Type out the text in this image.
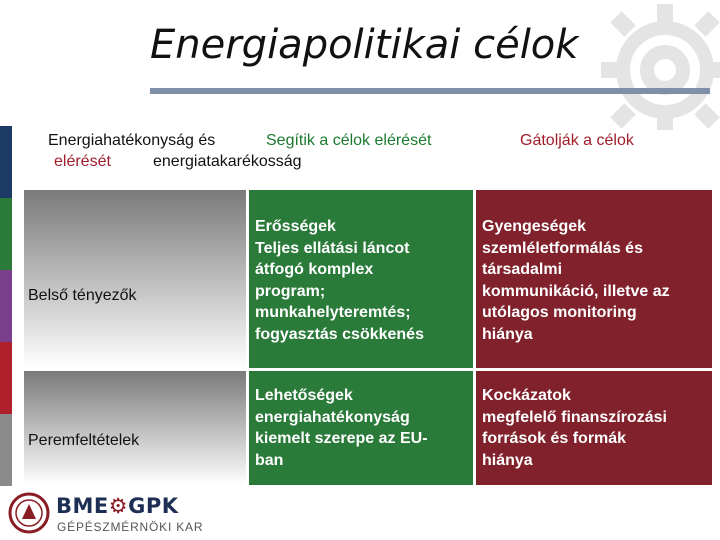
Energiapolitikai célok
Energiahatékonyság és
elérését	energiatakarékosság
Segítik a célok elérését	Gátolják a célok
Belső tényezők
Peremfeltételek
Erősségek
Teljes ellátási láncot
átfogó komplex
program;
munkahelyteremtés;
fogyasztás csökkenés
Gyengeségek
szemléletformálás és
társadalmi
kommunikáció, illetve az
utólagos monitoring
hiánya
Lehetőségek
energiahatékonyság
kiemelt szerepe az EU-
ban
Kockázatok
megfelelő finanszírozási
források és formák
hiánya
BME⚙GPK
GÉPÉSZMÉRNÖKI KAR
